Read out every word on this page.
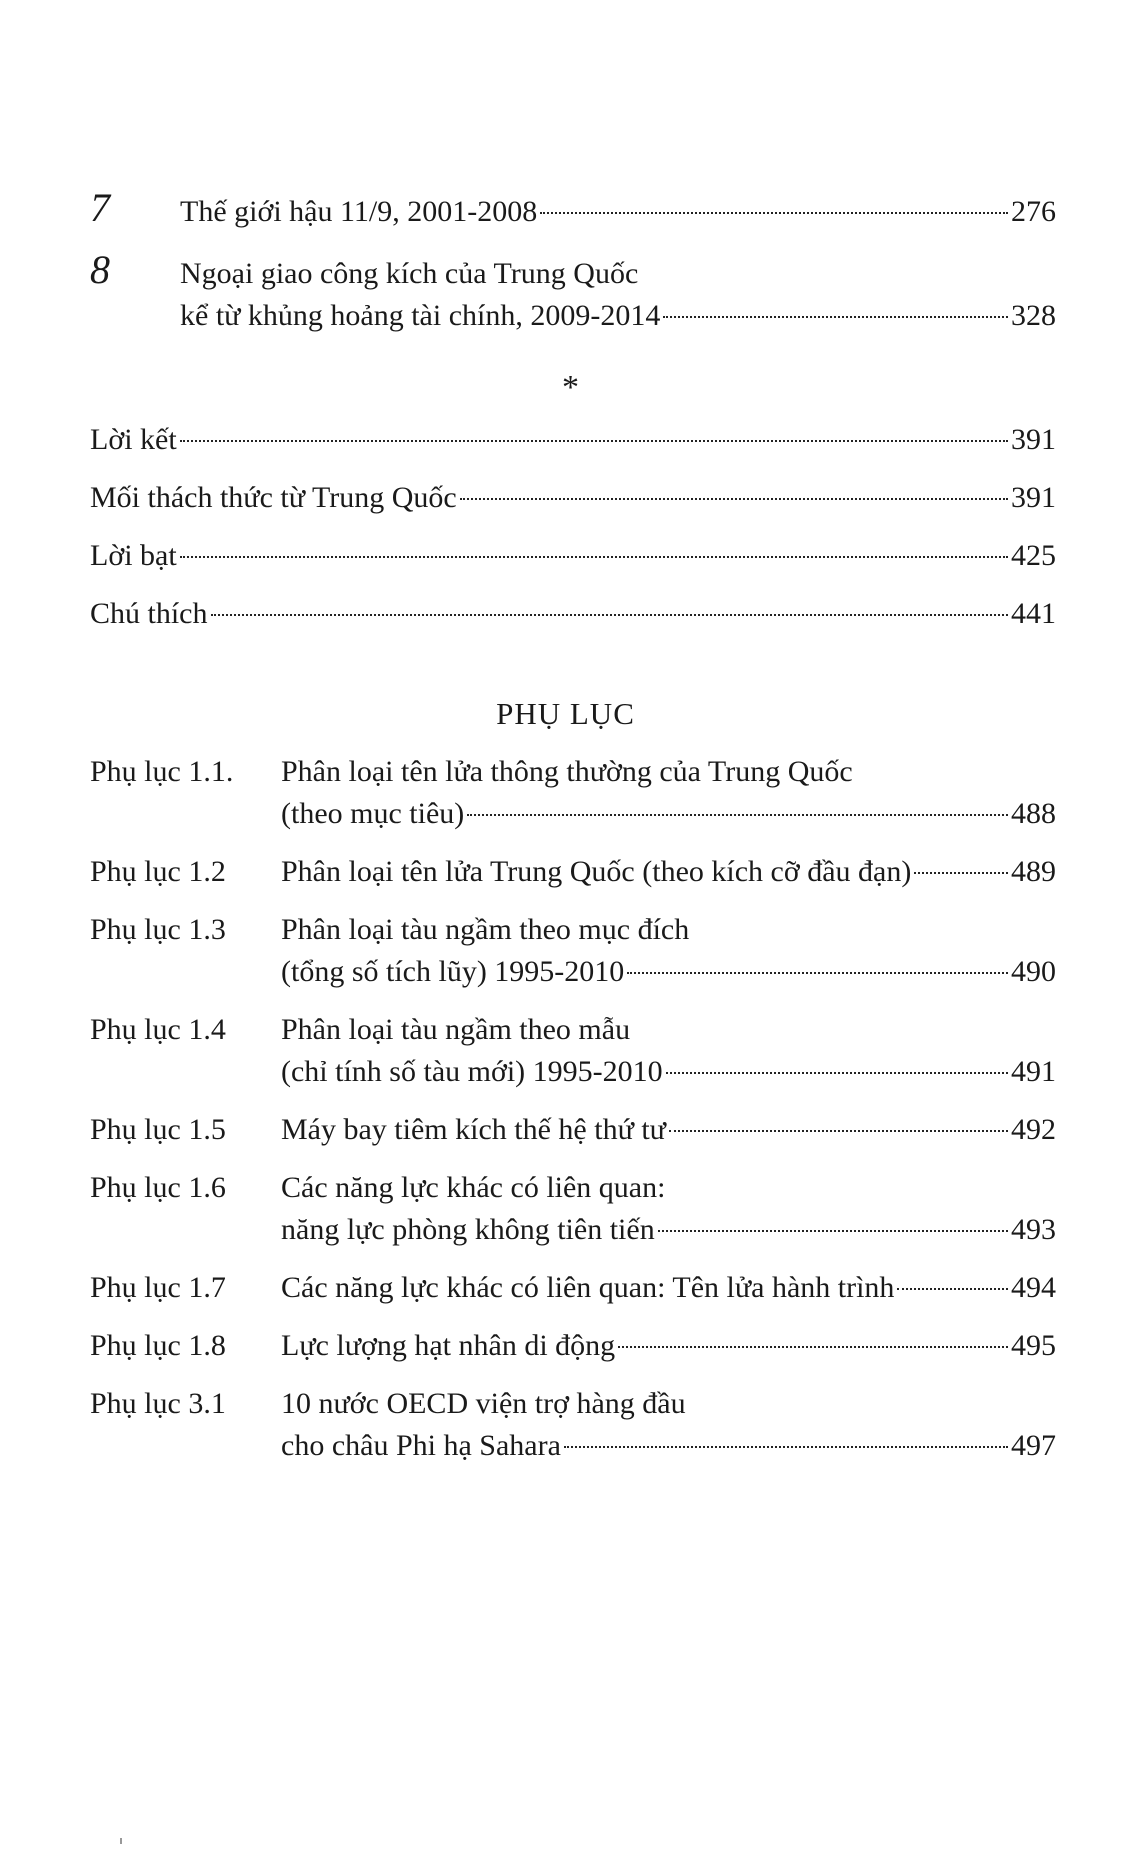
7 Thế giới hậu 11/9, 2001-2008	276
8 Ngoại giao công kích của Trung Quốc
kể từ khủng hoảng tài chính, 2009-2014	328
*
Lời kết	391
Mối thách thức từ Trung Quốc	391
Lời bạt	425
Chú thích	441
PHỤ LỤC
Phụ lục 1.1. Phân loại tên lửa thông thường của Trung Quốc
(theo mục tiêu)	488
Phụ lục 1.2 Phân loại tên lửa Trung Quốc (theo kích cỡ đầu đạn)	489
Phụ lục 1.3 Phân loại tàu ngầm theo mục đích
(tổng số tích lũy) 1995-2010	490
Phụ lục 1.4 Phân loại tàu ngầm theo mẫu
(chỉ tính số tàu mới) 1995-2010	491
Phụ lục 1.5 Máy bay tiêm kích thế hệ thứ tư	492
Phụ lục 1.6 Các năng lực khác có liên quan:
năng lực phòng không tiên tiến	493
Phụ lục 1.7 Các năng lực khác có liên quan: Tên lửa hành trình	494
Phụ lục 1.8 Lực lượng hạt nhân di động	495
Phụ lục 3.1 10 nước OECD viện trợ hàng đầu
cho châu Phi hạ Sahara	497
